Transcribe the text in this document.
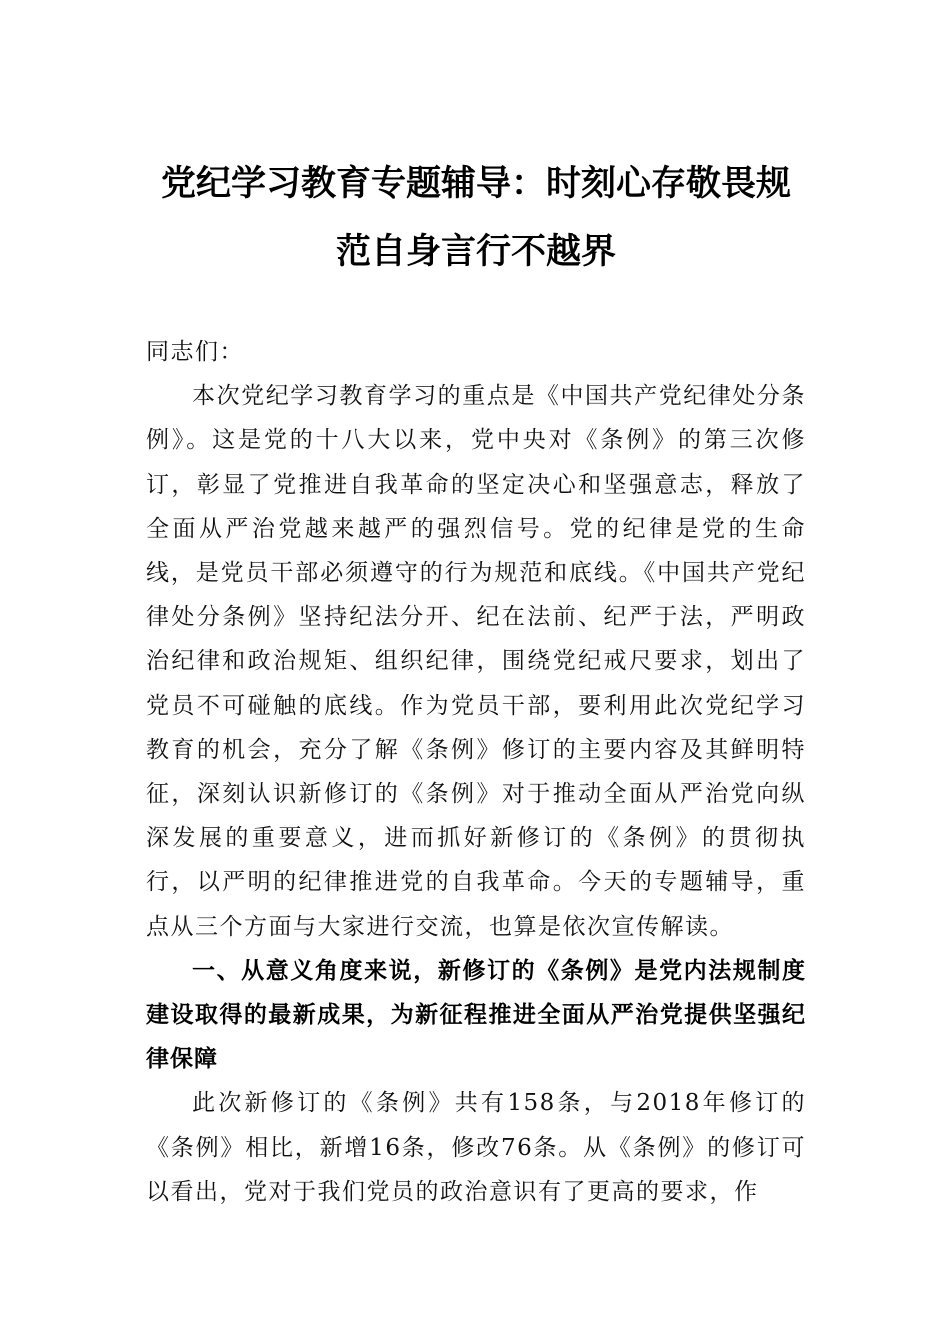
党纪学习教育专题辅导：时刻心存敬畏规
范自身言行不越界
同志们：

本次党纪学习教育学习的重点是《中国共产党纪律处分条例》。这是党的十八大以来，党中央对《条例》的第三次修订，彰显了党推进自我革命的坚定决心和坚强意志，释放了全面从严治党越来越严的强烈信号。党的纪律是党的生命线，是党员干部必须遵守的行为规范和底线。《中国共产党纪律处分条例》坚持纪法分开、纪在法前、纪严于法，严明政治纪律和政治规矩、组织纪律，围绕党纪戒尺要求，划出了党员不可碰触的底线。作为党员干部，要利用此次党纪学习教育的机会，充分了解《条例》修订的主要内容及其鲜明特征，深刻认识新修订的《条例》对于推动全面从严治党向纵深发展的重要意义，进而抓好新修订的《条例》的贯彻执行，以严明的纪律推进党的自我革命。今天的专题辅导，重点从三个方面与大家进行交流，也算是依次宣传解读。

一、从意义角度来说，新修订的《条例》是党内法规制度建设取得的最新成果，为新征程推进全面从严治党提供坚强纪律保障

此次新修订的《条例》共有158条，与2018年修订的《条例》相比，新增16条，修改76条。从《条例》的修订可以看出，党对于我们党员的政治意识有了更高的要求，作
